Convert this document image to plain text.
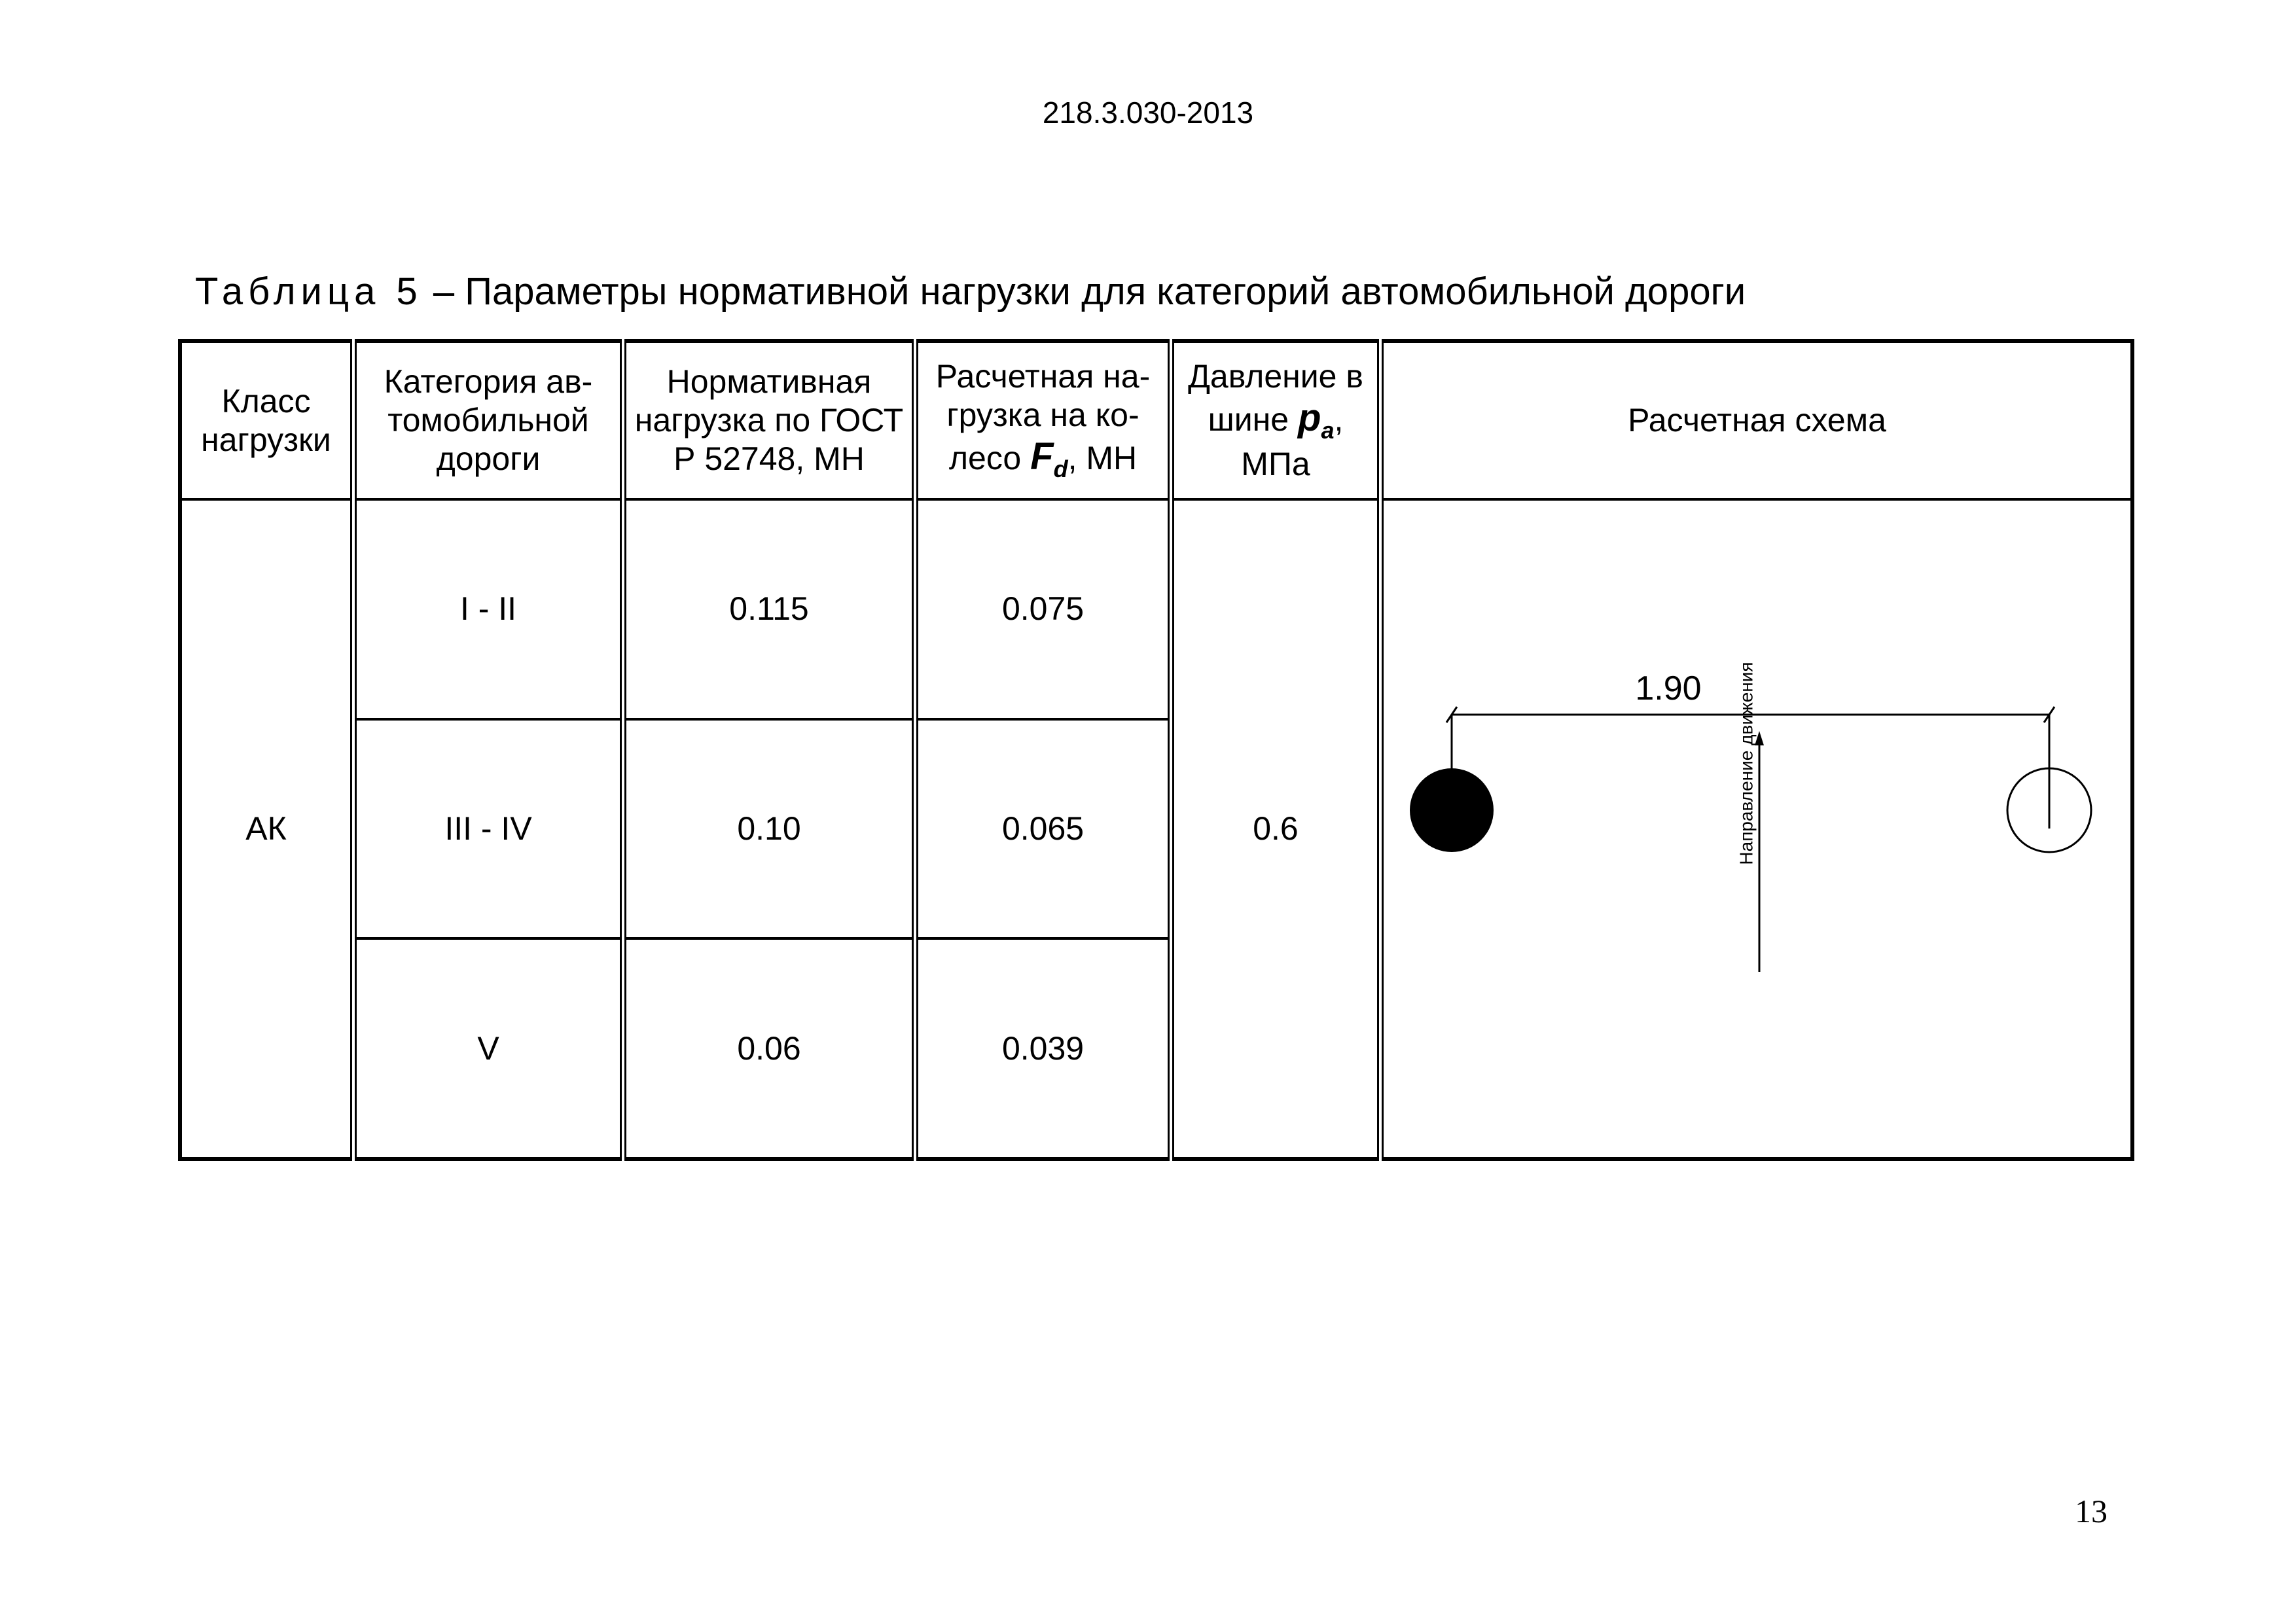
218.3.030-2013
Таблица 5 – Параметры нормативной нагрузки для категорий автомобильной дороги
Класс нагрузки	Категория ав-томобильной дороги	Нормативная нагрузка по ГОСТ Р 52748, МН	Расчетная на-грузка на ко-лесо $F_d$, МН	Давление в шине $p_a$, МПа	Расчетная схема
АК	I - II	0.115	0.075	0.6	1.90 Направление движения

	III - IV	0.10	0.065		
	V	0.06	0.039		
13
